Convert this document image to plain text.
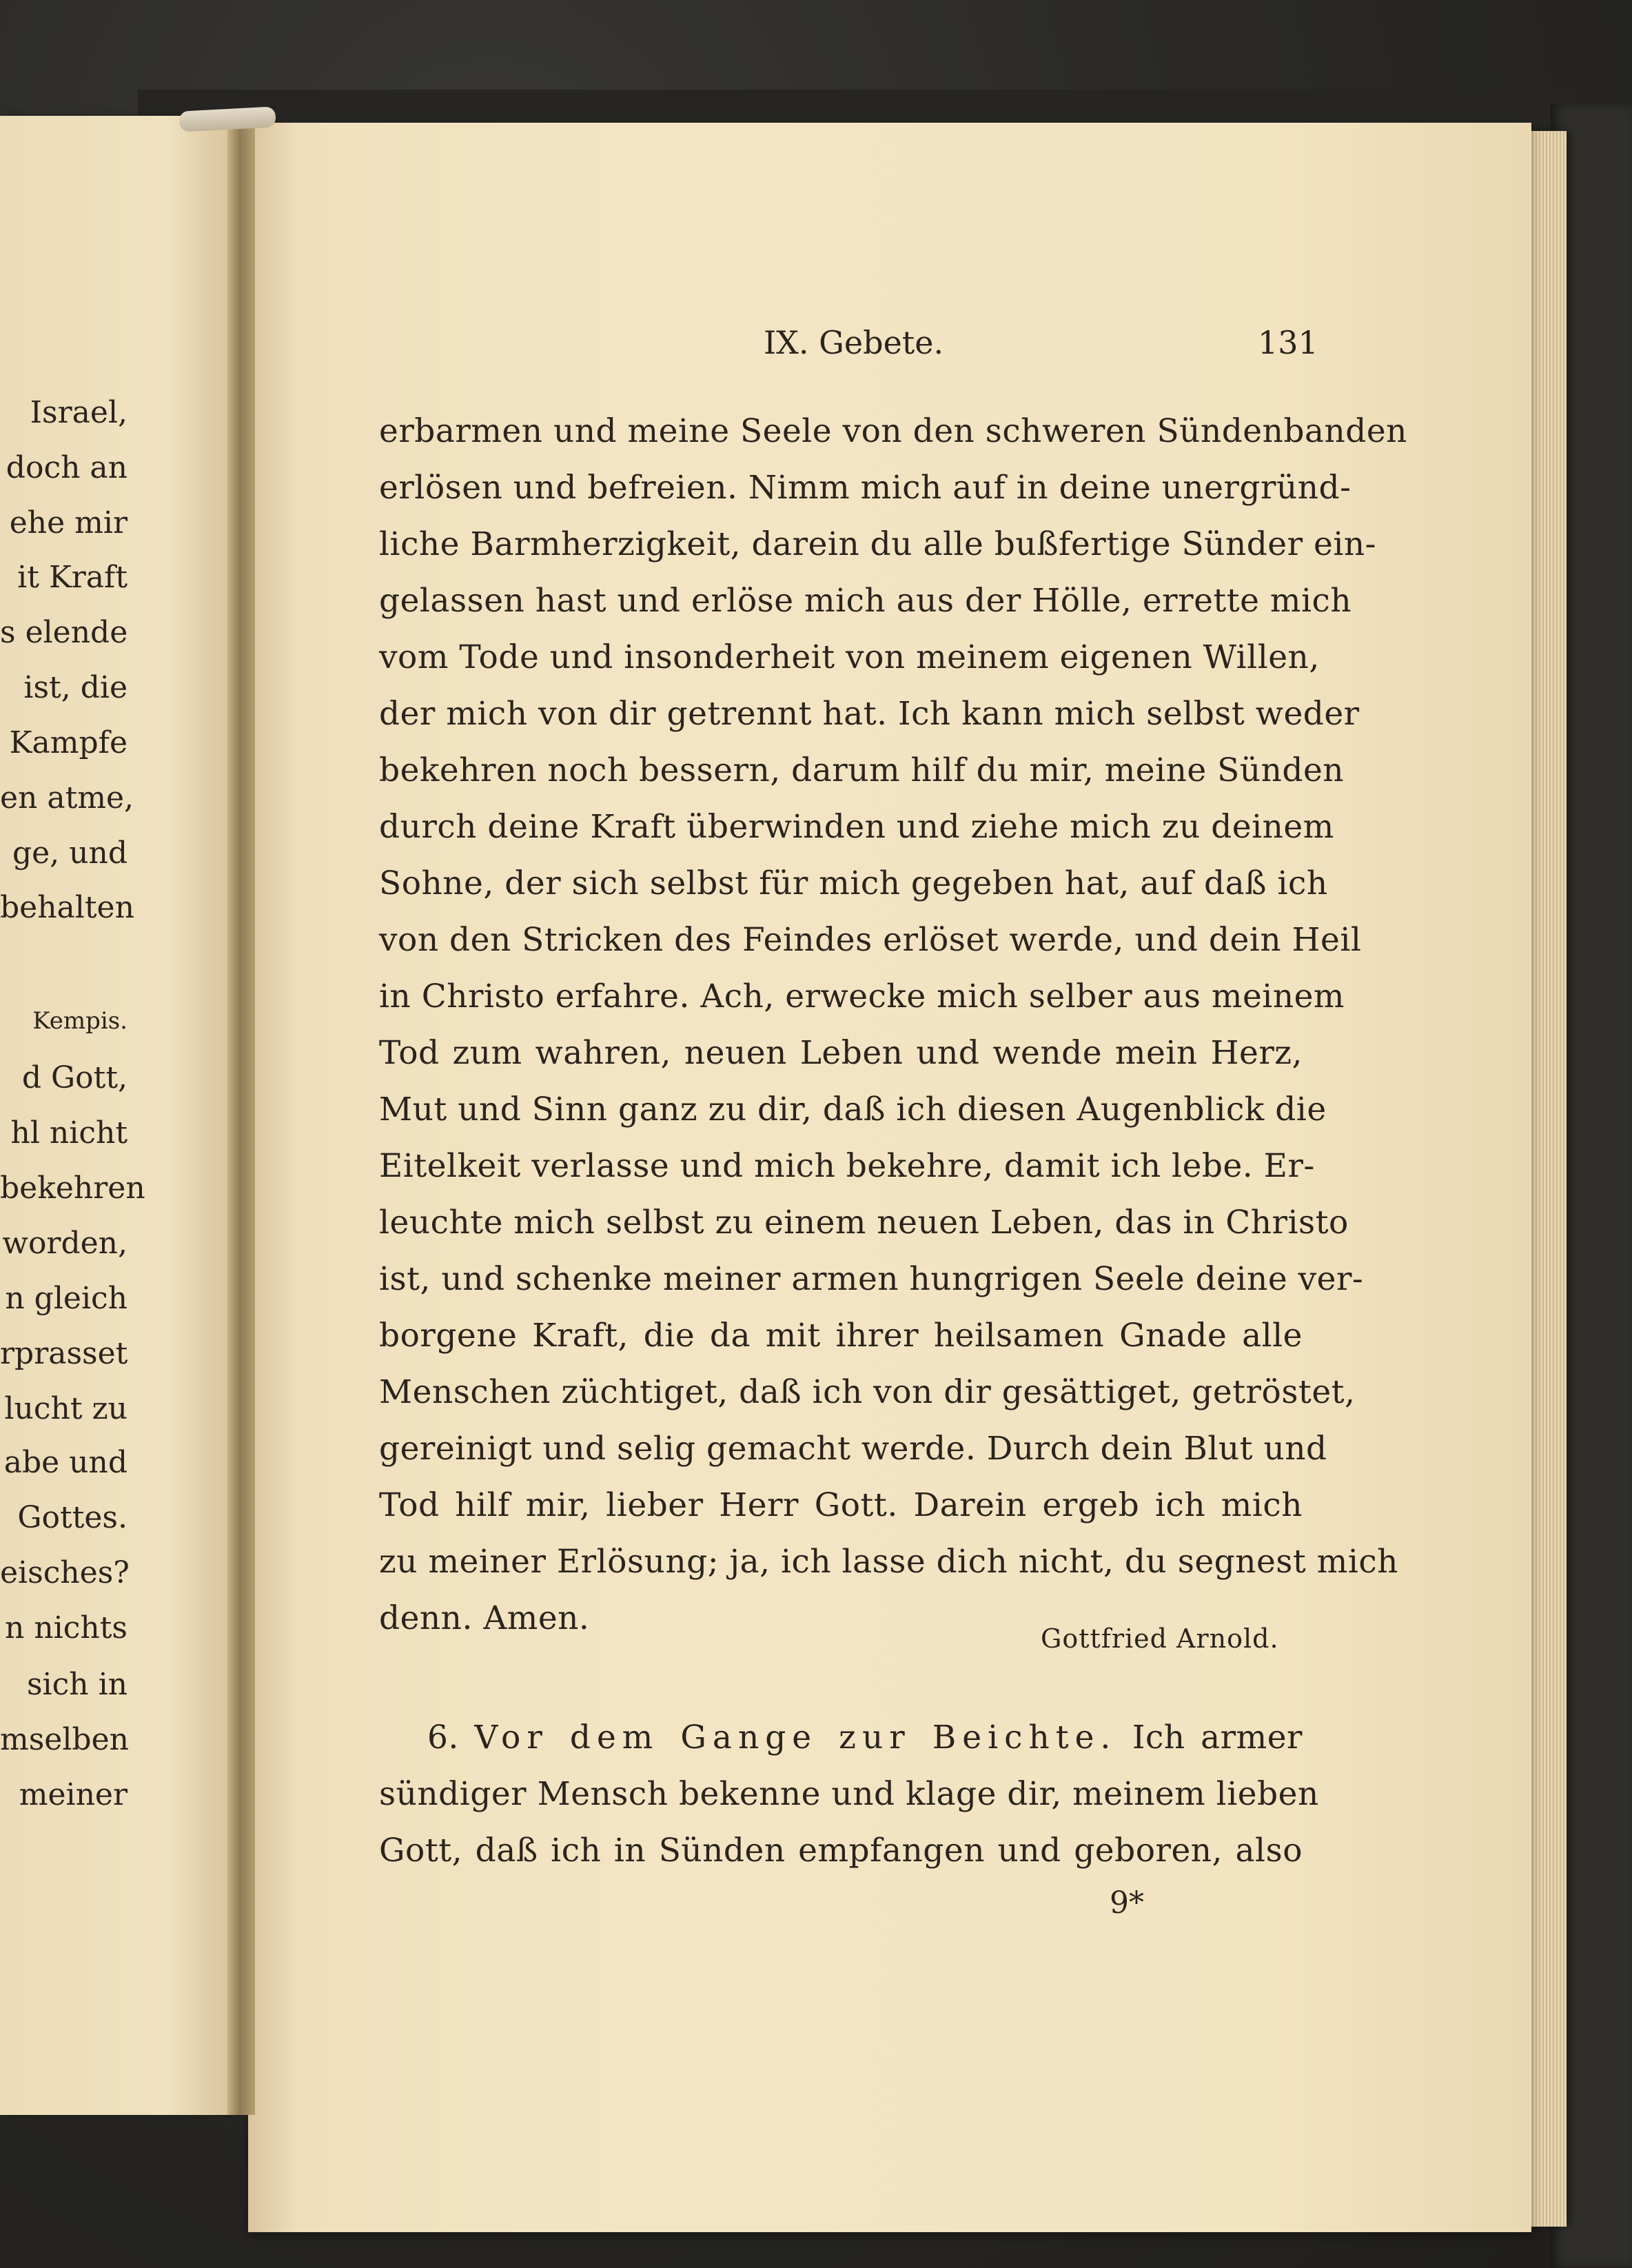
Israel,
doch an
ehe mir
it Kraft
s elende
ist, die
Kampfe
en atme,
ge, und
behalten
Kempis.
d Gott,
hl nicht
bekehren
worden,
n gleich
rprasset
lucht zu
abe und
Gottes.
eisches?
n nichts
sich in
mselben
meiner
IX. Gebete.	131
erbarmen und meine Seele von den schweren Sündenbanden
erlösen und befreien. Nimm mich auf in deine unergründ-
liche Barmherzigkeit, darein du alle bußfertige Sünder ein-
gelassen hast und erlöse mich aus der Hölle, errette mich
vom Tode und insonderheit von meinem eigenen Willen,
der mich von dir getrennt hat. Ich kann mich selbst weder
bekehren noch bessern, darum hilf du mir, meine Sünden
durch deine Kraft überwinden und ziehe mich zu deinem
Sohne, der sich selbst für mich gegeben hat, auf daß ich
von den Stricken des Feindes erlöset werde, und dein Heil
in Christo erfahre. Ach, erwecke mich selber aus meinem
Tod zum wahren, neuen Leben und wende mein Herz,
Mut und Sinn ganz zu dir, daß ich diesen Augenblick die
Eitelkeit verlasse und mich bekehre, damit ich lebe. Er-
leuchte mich selbst zu einem neuen Leben, das in Christo
ist, und schenke meiner armen hungrigen Seele deine ver-
borgene Kraft, die da mit ihrer heilsamen Gnade alle
Menschen züchtiget, daß ich von dir gesättiget, getröstet,
gereinigt und selig gemacht werde. Durch dein Blut und
Tod hilf mir, lieber Herr Gott. Darein ergeb ich mich
zu meiner Erlösung; ja, ich lasse dich nicht, du segnest mich
denn. Amen.
Gottfried Arnold.
6. Vor dem Gange zur Beichte. Ich armer
sündiger Mensch bekenne und klage dir, meinem lieben
Gott, daß ich in Sünden empfangen und geboren, also
9*
